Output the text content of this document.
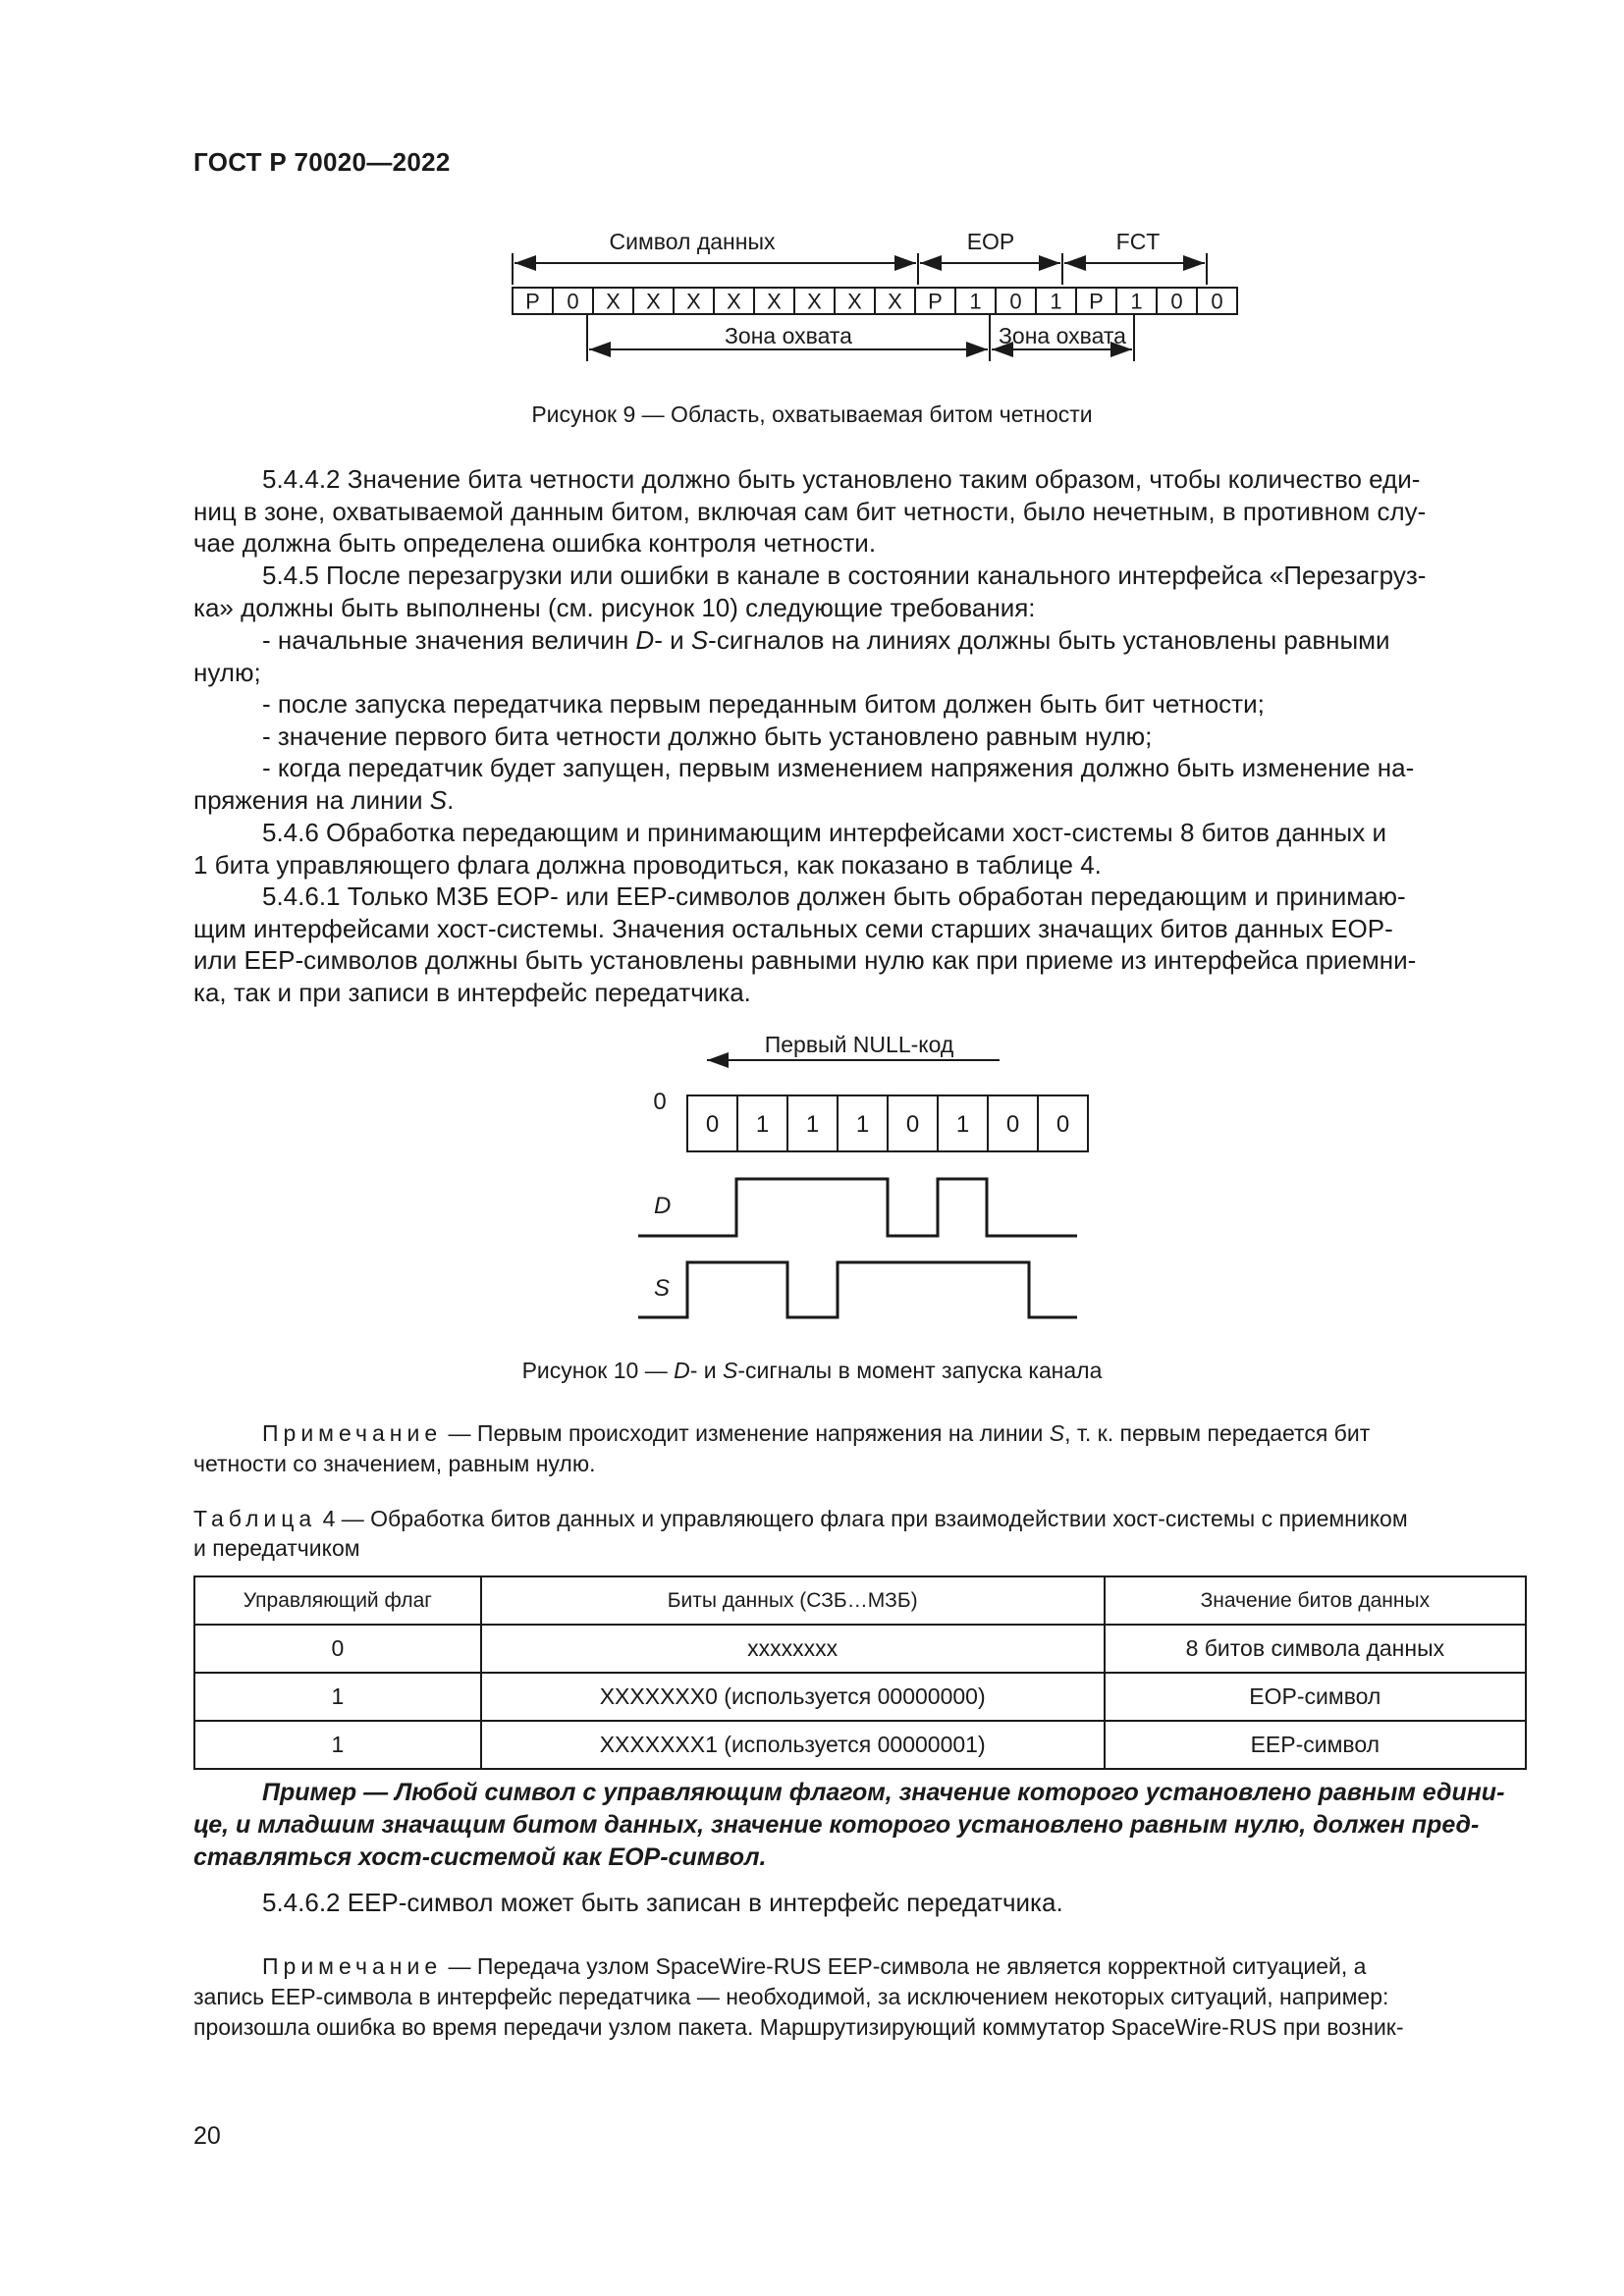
ГОСТ Р 70020—2022
Символ данных	EOP	FCT
P 0 X X X X X X X X P 1 0 1 P 1 0 0
Зона охвата	Зона охвата
Рисунок 9 — Область, охватываемая битом четности
5.4.4.2 Значение бита четности должно быть установлено таким образом, чтобы количество еди-
ниц в зоне, охватываемой данным битом, включая сам бит четности, было нечетным, в противном слу-
чае должна быть определена ошибка контроля четности.
5.4.5 После перезагрузки или ошибки в канале в состоянии канального интерфейса «Перезагруз-
ка» должны быть выполнены (см. рисунок 10) следующие требования:
- начальные значения величин D- и S-сигналов на линиях должны быть установлены равными
нулю;
- после запуска передатчика первым переданным битом должен быть бит четности;
- значение первого бита четности должно быть установлено равным нулю;
- когда передатчик будет запущен, первым изменением напряжения должно быть изменение на-
пряжения на линии S.
5.4.6 Обработка передающим и принимающим интерфейсами хост-системы 8 битов данных и
1 бита управляющего флага должна проводиться, как показано в таблице 4.
5.4.6.1 Только МЗБ EOP- или EEP-символов должен быть обработан передающим и принимаю-
щим интерфейсами хост-системы. Значения остальных семи старших значащих битов данных EOP-
или EEP-символов должны быть установлены равными нулю как при приеме из интерфейса приемни-
ка, так и при записи в интерфейс передатчика.
Первый NULL-код
0
0 1 1 1 0 1 0 0
D
S
Рисунок 10 — D- и S-сигналы в момент запуска канала
Примечание — Первым происходит изменение напряжения на линии S, т. к. первым передается бит
четности со значением, равным нулю.
Таблица 4 — Обработка битов данных и управляющего флага при взаимодействии хост-системы с приемником
и передатчиком
Управляющий флаг	Биты данных (СЗБ…МЗБ)	Значение битов данных
0	xxxxxxxx	8 битов символа данных
1	XXXXXXX0 (используется 00000000)	EOP-символ
1	XXXXXXX1 (используется 00000001)	EEP-символ
Пример — Любой символ с управляющим флагом, значение которого установлено равным едини-
це, и младшим значащим битом данных, значение которого установлено равным нулю, должен пред-
ставляться хост-системой как EOP-символ.
5.4.6.2 EEP-символ может быть записан в интерфейс передатчика.
Примечание — Передача узлом SpaceWire-RUS EEP-символа не является корректной ситуацией, а
запись EEP-символа в интерфейс передатчика — необходимой, за исключением некоторых ситуаций, например:
произошла ошибка во время передачи узлом пакета. Маршрутизирующий коммутатор SpaceWire-RUS при возник-
20
